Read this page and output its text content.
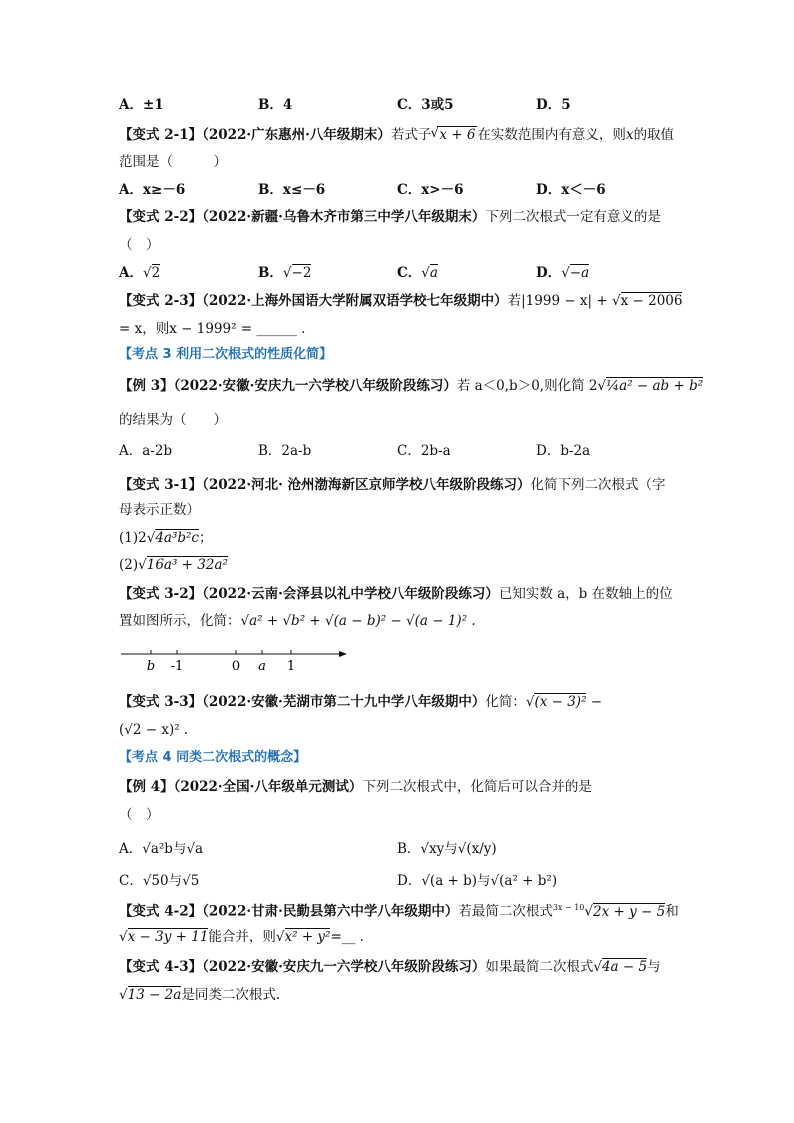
A．±1	B．4	C．3或5	D．5
【变式 2-1】（2022·广东惠州·八年级期末）若式子 √ x + 6 在实数范围内有意义，则x的取值
范围是（　　　）
A．x≥－6	B．x≤－6	C．x>－6	D．x＜－6
【变式 2-2】（2022·新疆·乌鲁木齐市第三中学八年级期末）下列二次根式一定有意义的是
（　）
A．√2	B．√−2	C．√a	D．√−a
【变式 2-3】（2022·上海外国语大学附属双语学校七年级期中）若|1999 − x| + √x − 2006
= x，则x − 1999² = ______ .
【考点 3 利用二次根式的性质化简】
【例 3】（2022·安徽·安庆九一六学校八年级阶段练习）若 a＜0,b＞0,则化简 2√¼a² − ab + b²
的结果为（　　）
A．a-2b	B．2a-b	C．2b-a	D．b-2a
【变式 3-1】（2022·河北· 沧州渤海新区京师学校八年级阶段练习）化简下列二次根式（字
母表示正数）
(1)2√4a³b²c；
(2)√16a³ + 32a²
【变式 3-2】（2022·云南·会泽县以礼中学校八年级阶段练习）已知实数 a，b 在数轴上的位
置如图所示，化简：√a² + √b² + √(a − b)² − √(a − 1)² .
b -1	0 a 1
【变式 3-3】（2022·安徽·芜湖市第二十九中学八年级期中）化简：√(x − 3)² −
(√2 − x)² .
【考点 4 同类二次根式的概念】
【例 4】（2022·全国·八年级单元测试）下列二次根式中，化简后可以合并的是
（　）
A．√a²b与√a	B．√xy与√(x/y)
C．√50与√5	D．√(a + b)与√(a² + b²)
【变式 4-2】（2022·甘肃·民勤县第六中学八年级期中）若最简二次根式$^{3x - 10}$√2x + y − 5和
√x − 3y + 11能合并，则√x² + y²=__ .
【变式 4-3】（2022·安徽·安庆九一六学校八年级阶段练习）如果最简二次根式√4a − 5与
√13 − 2a是同类二次根式.
